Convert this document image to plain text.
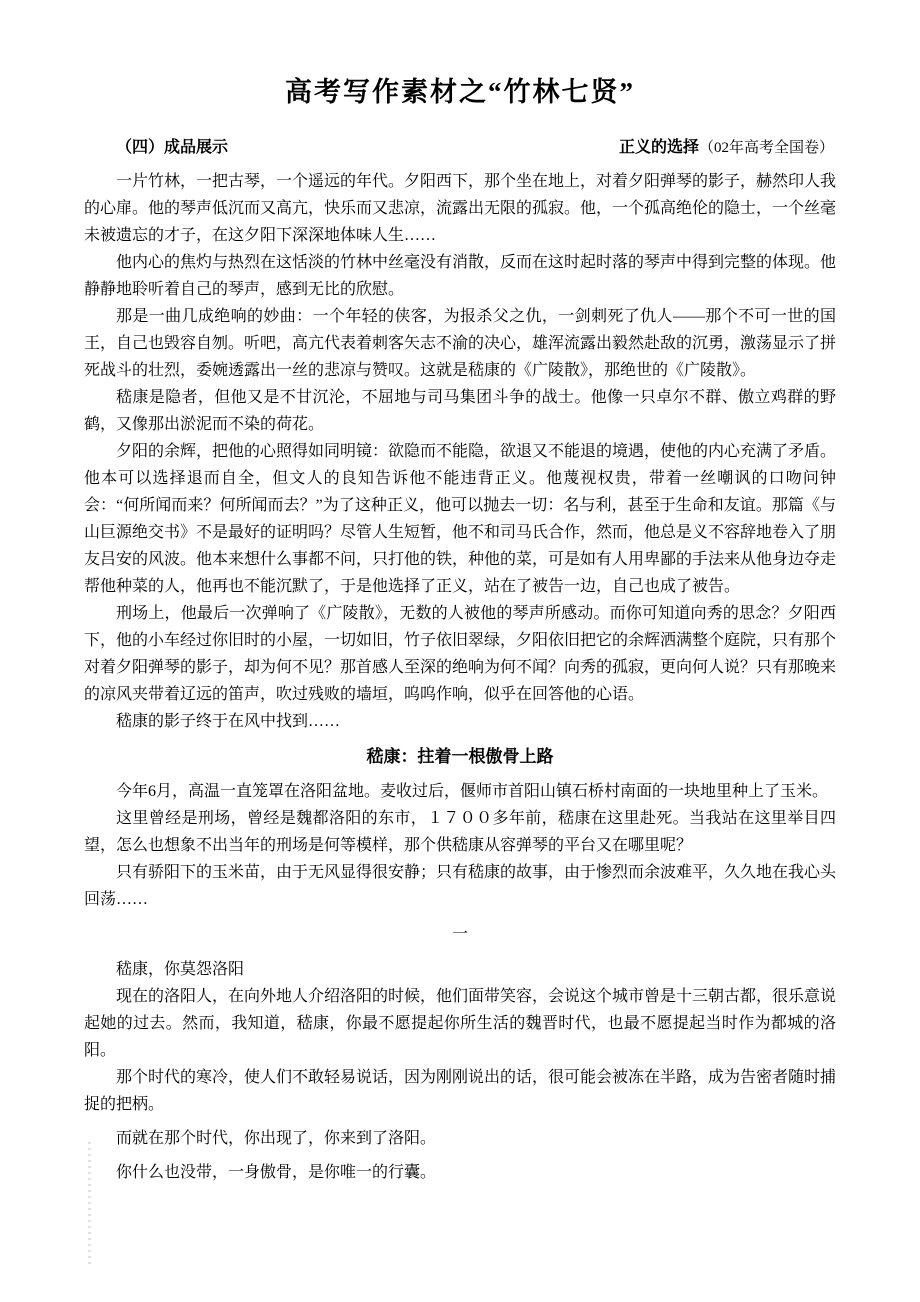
高考写作素材之“竹林七贤”
（四）成品展示	正义的选择（02年高考全国卷）

一片竹林，一把古琴，一个遥远的年代。夕阳西下，那个坐在地上，对着夕阳弹琴的影子，赫然印人我的心扉。他的琴声低沉而又高亢，快乐而又悲凉，流露出无限的孤寂。他，一个孤高绝伦的隐士，一个丝毫未被遗忘的才子，在这夕阳下深深地体味人生……

他内心的焦灼与热烈在这恬淡的竹林中丝毫没有消散，反而在这时起时落的琴声中得到完整的体现。他静静地聆听着自己的琴声，感到无比的欣慰。

那是一曲几成绝响的妙曲：一个年轻的侠客，为报杀父之仇，一剑刺死了仇人——那个不可一世的国王，自己也毁容自刎。听吧，高亢代表着刺客矢志不渝的决心，雄浑流露出毅然赴敌的沉勇，激荡显示了拼死战斗的壮烈，委婉透露出一丝的悲凉与赞叹。这就是嵇康的《广陵散》，那绝世的《广陵散》。

嵇康是隐者，但他又是不甘沉沦，不屈地与司马集团斗争的战士。他像一只卓尔不群、傲立鸡群的野鹤，又像那出淤泥而不染的荷花。

夕阳的余辉，把他的心照得如同明镜：欲隐而不能隐，欲退又不能退的境遇，使他的内心充满了矛盾。他本可以选择退而自全，但文人的良知告诉他不能违背正义。他蔑视权贵，带着一丝嘲讽的口吻问钟会：“何所闻而来？何所闻而去？”为了这种正义，他可以抛去一切：名与利，甚至于生命和友谊。那篇《与山巨源绝交书》不是最好的证明吗？尽管人生短暂，他不和司马氏合作，然而，他总是义不容辞地卷入了朋友吕安的风波。他本来想什么事都不问，只打他的铁，种他的菜，可是如有人用卑鄙的手法来从他身边夺走帮他种菜的人，他再也不能沉默了，于是他选择了正义，站在了被告一边，自己也成了被告。

刑场上，他最后一次弹响了《广陵散》，无数的人被他的琴声所感动。而你可知道向秀的思念？夕阳西下，他的小车经过你旧时的小屋，一切如旧，竹子依旧翠绿，夕阳依旧把它的余辉洒满整个庭院，只有那个对着夕阳弹琴的影子，却为何不见？那首感人至深的绝响为何不闻？向秀的孤寂，更向何人说？只有那晚来的凉风夹带着辽远的笛声，吹过残败的墙垣，呜呜作响，似乎在回答他的心语。

嵇康的影子终于在风中找到……

嵇康：拄着一根傲骨上路

今年6月，高温一直笼罩在洛阳盆地。麦收过后，偃师市首阳山镇石桥村南面的一块地里种上了玉米。

这里曾经是刑场，曾经是魏都洛阳的东市，１７００多年前，嵇康在这里赴死。当我站在这里举目四望，怎么也想象不出当年的刑场是何等模样，那个供嵇康从容弹琴的平台又在哪里呢？

只有骄阳下的玉米苗，由于无风显得很安静；只有嵇康的故事，由于惨烈而余波难平，久久地在我心头回荡……

一

嵇康，你莫怨洛阳

现在的洛阳人，在向外地人介绍洛阳的时候，他们面带笑容，会说这个城市曾是十三朝古都，很乐意说起她的过去。然而，我知道，嵇康，你最不愿提起你所生活的魏晋时代，也最不愿提起当时作为都城的洛阳。

那个时代的寒冷，使人们不敢轻易说话，因为刚刚说出的话，很可能会被冻在半路，成为告密者随时捕捉的把柄。

而就在那个时代，你出现了，你来到了洛阳。

你什么也没带，一身傲骨，是你唯一的行囊。
